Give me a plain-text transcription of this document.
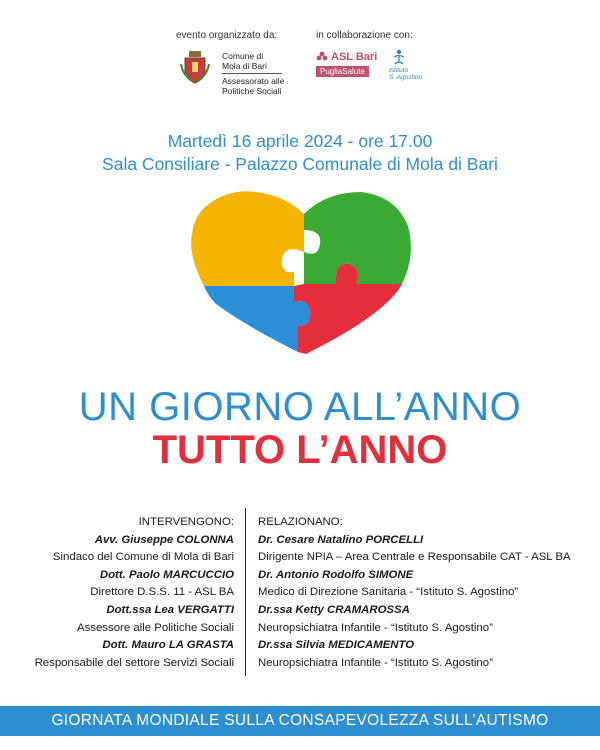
evento organizzato da:	in collaborazione con:
Comune di
Mola di Bari
Assessorato alle
Politiche Sociali
ASL Bari
PugliaSalute	Istituto
S. Agostino
Martedì 16 aprile 2024 - ore 17.00
Sala Consiliare - Palazzo Comunale di Mola di Bari
UN GIORNO ALL’ANNO
TUTTO L’ANNO
INTERVENGONO:
Avv. Giuseppe COLONNA
Sindaco del Comune di Mola di Bari
Dott. Paolo MARCUCCIO
Direttore D.S.S. 11 - ASL BA
Dott.ssa Lea VERGATTI
Assessore alle Politiche Sociali
Dott. Mauro LA GRASTA
Responsabile del settore Servizi Sociali
RELAZIONANO:
Dr. Cesare Natalino PORCELLI
Dirigente NPIA – Area Centrale e Responsabile CAT - ASL BA
Dr. Antonio Rodolfo SIMONE
Medico di Direzione Sanitaria - “Istituto S. Agostino”
Dr.ssa Ketty CRAMAROSSA
Neuropsichiatra Infantile - “Istituto S. Agostino”
Dr.ssa Silvia MEDICAMENTO
Neuropsichiatra Infantile - “Istituto S. Agostino”
GIORNATA MONDIALE SULLA CONSAPEVOLEZZA SULL’AUTISMO
